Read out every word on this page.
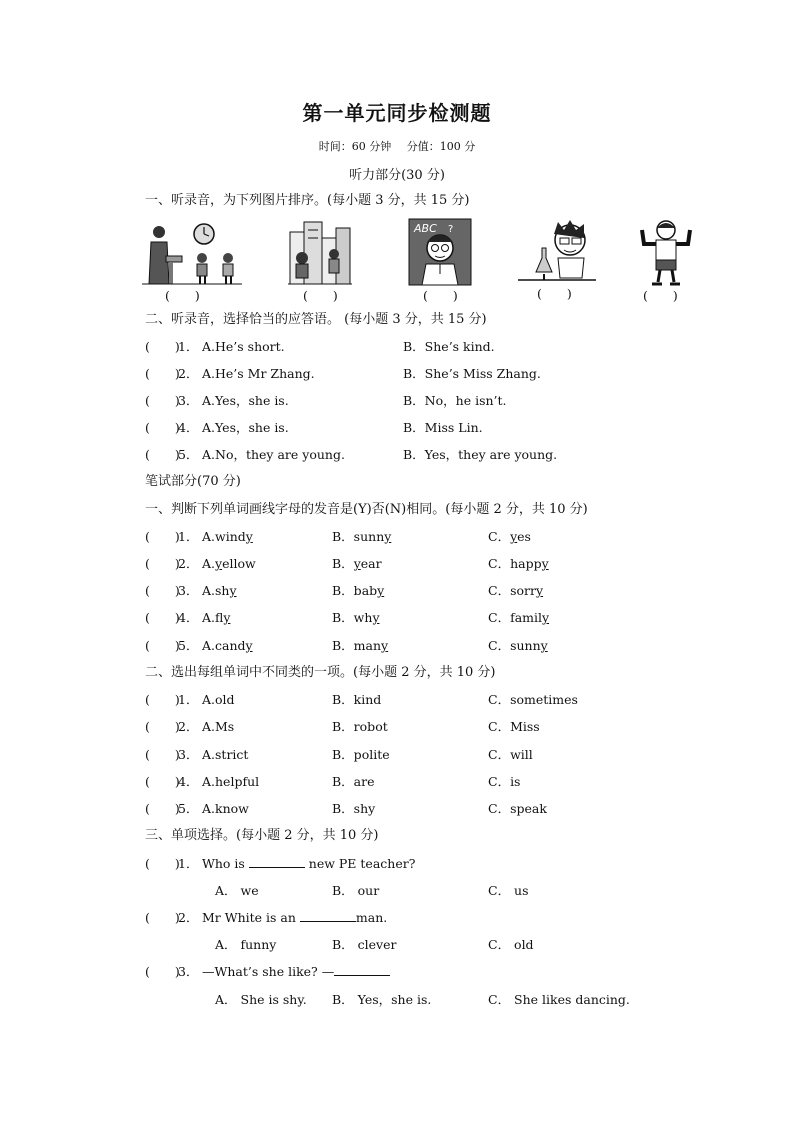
第一单元同步检测题
时间：60 分钟 分值：100 分
听力部分(30 分)
一、听录音，为下列图片排序。(每小题 3 分，共 15 分)
ABC ?
(　　)	(　　)	(　　)	(　　)	(　　)
二、听录音，选择恰当的应答语。 (每小题 3 分，共 15 分)
(　　)
1． A.He’s short.	B．She’s kind.
(　　)
2． A.He’s Mr Zhang.	B．She’s Miss Zhang.
(　　)
3． A.Yes，she is.	B．No，he isn’t.
(　　)
4． A.Yes，she is.	B．Miss Lin.
(　　)
5． A.No，they are young.	B．Yes，they are young.
笔试部分(70 分)
一、判断下列单词画线字母的发音是(Y)否(N)相同。(每小题 2 分，共 10 分)
(　　)
1． A.windy	B．sunny	C．yes
(　　)
2． A.yellow	B．year	C．happy
(　　)
3． A.shy	B．baby	C．sorry
(　　)
4． A.fly	B．why	C．family
(　　)
5． A.candy	B．many	C．sunny
二、选出每组单词中不同类的一项。(每小题 2 分，共 10 分)
(　　)
1． A.old	B．kind	C．sometimes
(　　)
2． A.Ms	B．robot	C．Miss
(　　)
3． A.strict	B．polite	C．will
(　　)
4． A.helpful	B．are	C．is
(　　)
5． A.know	B．shy	C．speak
三、单项选择。(每小题 2 分，共 10 分)
(　　)
1． Who is	new PE teacher?
A． we	B． our	C． us
(　　)
2． Mr White is an	man.
A． funny	B． clever	C． old
(　　)
3． —What’s she like? —
A． She is shy. B． Yes，she is.	C． She likes dancing.
